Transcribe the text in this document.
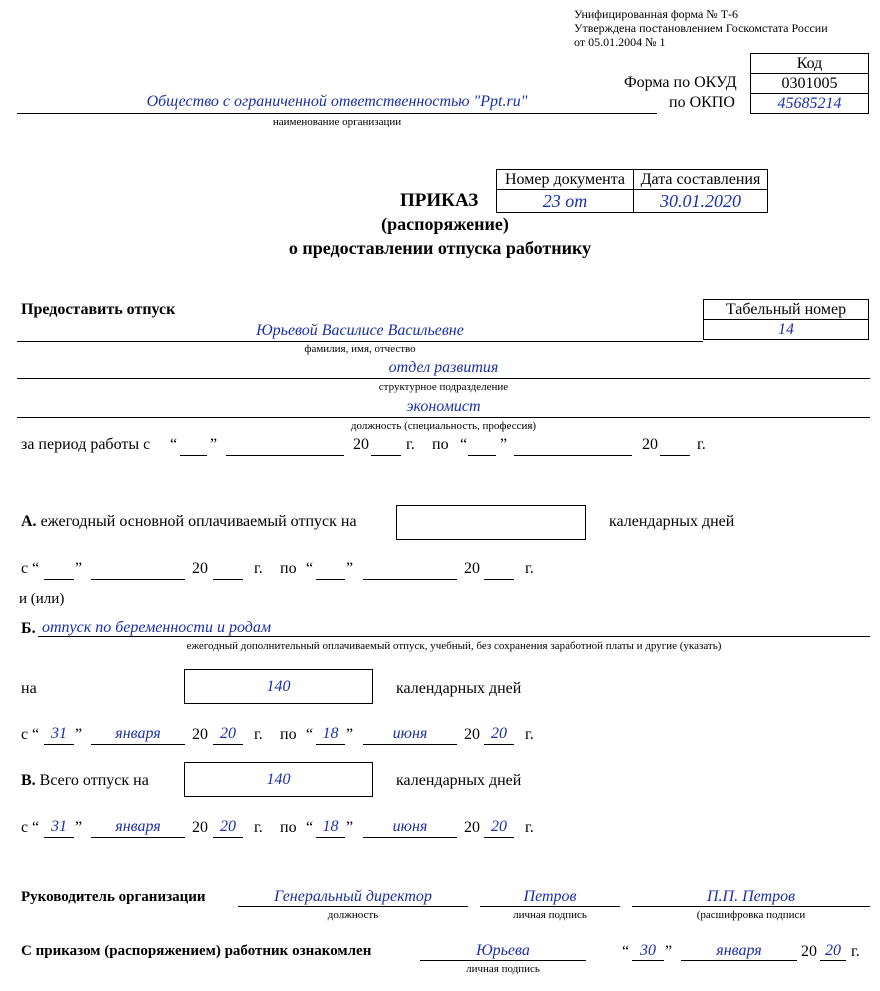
Унифицированная форма № Т-6
Утверждена постановлением Госкомстата России
от 05.01.2004 № 1
Код
0301005
45685214
Форма по ОКУД
по ОКПО
Общество с ограниченной ответственностью "Ppt.ru"
наименование организации
Номер документа	Дата составления
23 от	30.01.2020
ПРИКАЗ
(распоряжение)
о предоставлении отпуска работнику
Предоставить отпуск	Табельный номер
14
Юрьевой Василисе Васильевне
фамилия, имя, отчество
отдел развития
структурное подразделение
экономист
должность (специальность, профессия)
за период работы с “ ”	20 г. по “ ”	20 г.
А. ежегодный основной оплачиваемый отпуск на	календарных дней
с “ ”	20	г. по “ ”	20	г.
и (или)
Б. отпуск по беременности и родам
ежегодный дополнительный оплачиваемый отпуск, учебный, без сохранения заработной платы и другие (указать)
на	140	календарных дней
с “ 31 ”	января	20 20	г. по “ 18 ”	июня	20 20	г.
В. Всего отпуск на	140	календарных дней
с “ 31 ”	января	20 20	г. по “ 18 ”	июня	20 20	г.
Руководитель организации	Генеральный директор
должность
Петров
личная подпись
П.П. Петров
(расшифровка подписи
С приказом (распоряжением) работник ознакомлен	Юрьева
личная подпись
“ 30 ”	января	20 20 г.
